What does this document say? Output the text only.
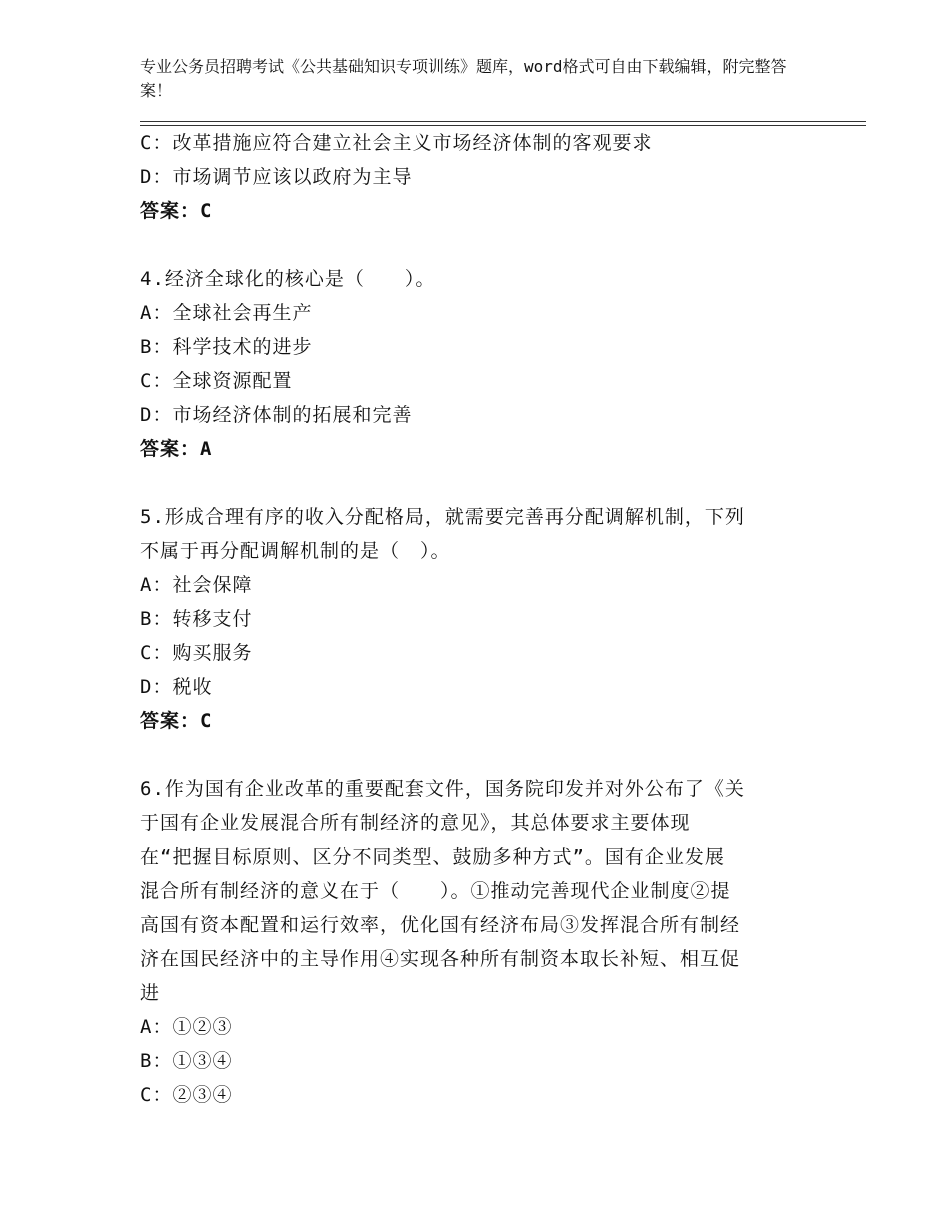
专业公务员招聘考试《公共基础知识专项训练》题库，word格式可自由下载编辑，附完整答案！
C：改革措施应符合建立社会主义市场经济体制的客观要求
D：市场调节应该以政府为主导
答案：C
4.经济全球化的核心是（　　）。
A：全球社会再生产
B：科学技术的进步
C：全球资源配置
D：市场经济体制的拓展和完善
答案：A
5.形成合理有序的收入分配格局，就需要完善再分配调解机制，下列
不属于再分配调解机制的是（　）。
A：社会保障
B：转移支付
C：购买服务
D：税收
答案：C
6.作为国有企业改革的重要配套文件，国务院印发并对外公布了《关
于国有企业发展混合所有制经济的意见》，其总体要求主要体现
在“把握目标原则、区分不同类型、鼓励多种方式”。国有企业发展
混合所有制经济的意义在于（　　）。①推动完善现代企业制度②提
高国有资本配置和运行效率，优化国有经济布局③发挥混合所有制经
济在国民经济中的主导作用④实现各种所有制资本取长补短、相互促
进
A：①②③
B：①③④
C：②③④
